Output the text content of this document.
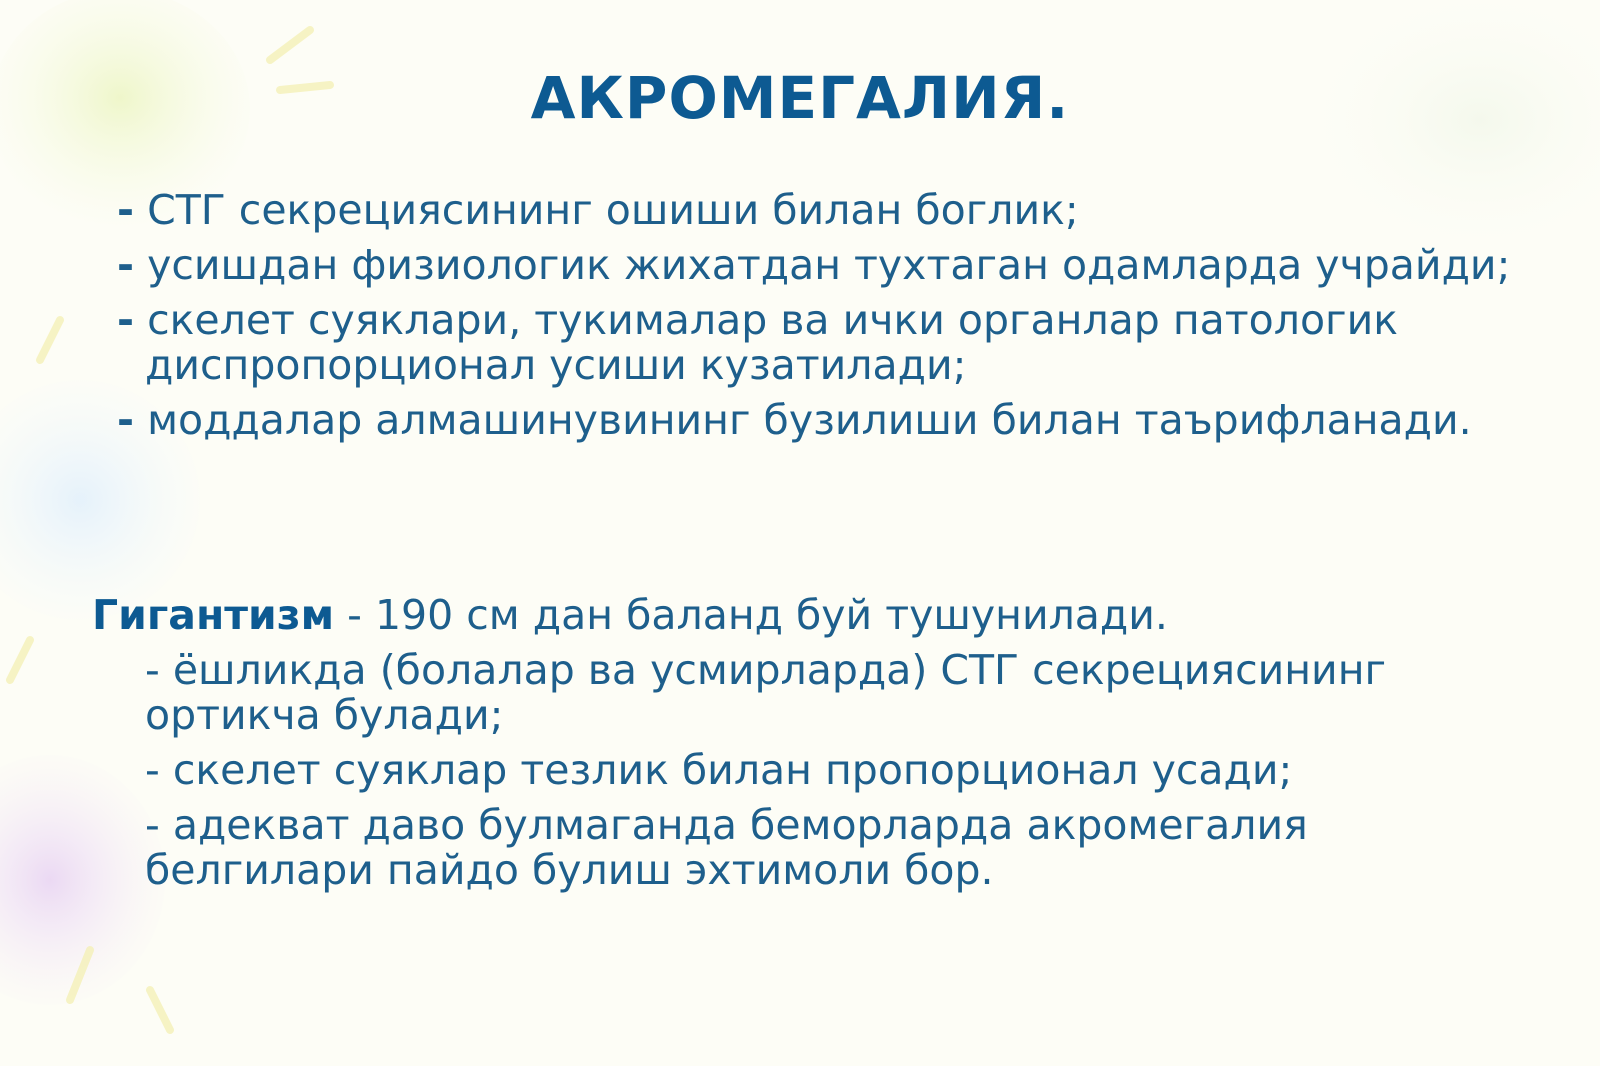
АКРОМЕГАЛИЯ.
- СТГ секрециясининг ошиши билан боглик;
- усишдан физиологик жихатдан тухтаган одамларда учрайди;
- скелет суяклари, тукималар ва ички органлар патологик диспропорционал усиши кузатилади;
- моддалар алмашинувининг бузилиши билан таърифланади.

Гигантизм - 190 см дан баланд буй тушунилади.

- ёшликда (болалар ва усмирларда) СТГ секрециясининг ортикча булади;
- скелет суяклар тезлик билан пропорционал усади;
- адекват даво булмаганда беморларда акромегалия белгилари пайдо булиш эхтимоли бор.
